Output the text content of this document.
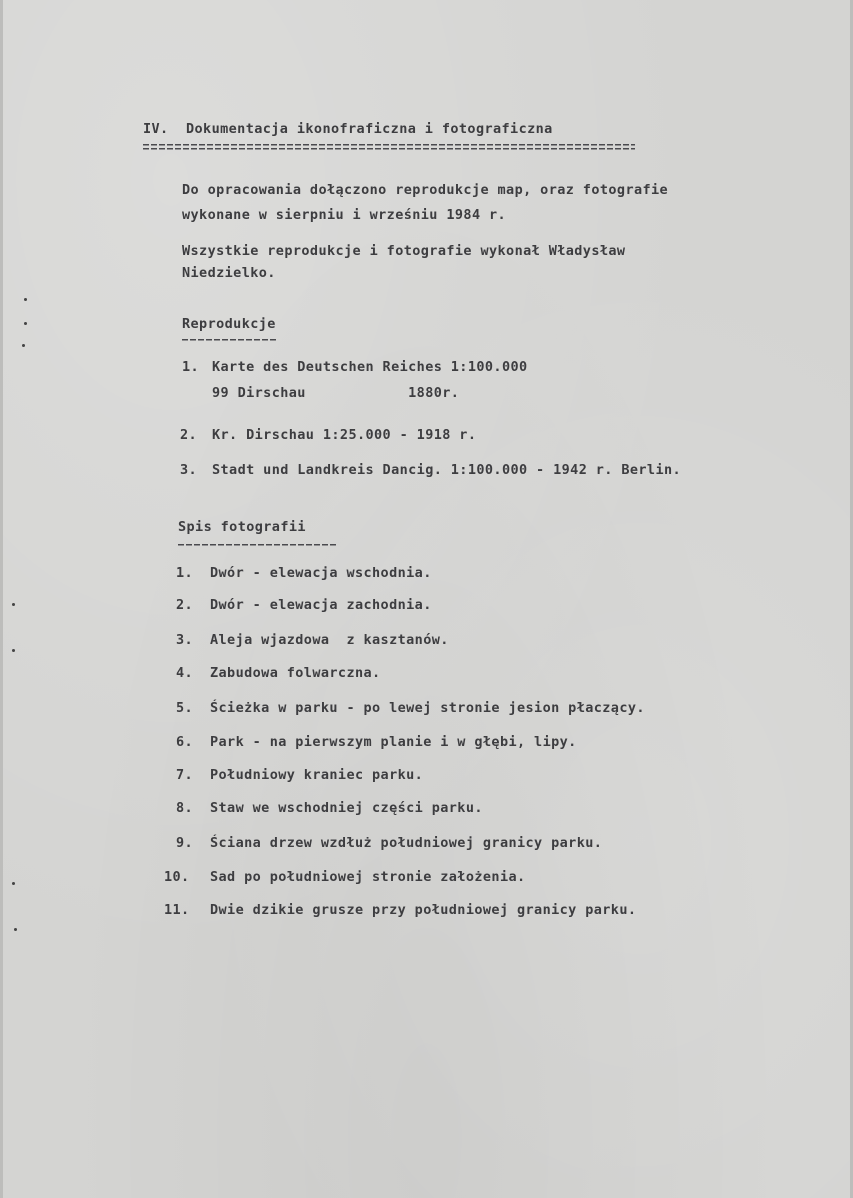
IV. Dokumentacja ikonofraficzna i fotograficzna
Do opracowania dołączono reprodukcje map, oraz fotografie
wykonane w sierpniu i wrześniu 1984 r.
Wszystkie reprodukcje i fotografie wykonał Władysław
Niedzielko.
Reprodukcje
1. Karte des Deutschen Reiches 1:100.000
99 Dirschau            1880r.
2. Kr. Dirschau 1:25.000 - 1918 r.
3. Stadt und Landkreis Dancig. 1:100.000 - 1942 r. Berlin.
Spis fotografii
1. Dwór - elewacja wschodnia.
2. Dwór - elewacja zachodnia.
3. Aleja wjazdowa  z kasztanów.
4. Zabudowa folwarczna.
5. Ścieżka w parku - po lewej stronie jesion płaczący.
6. Park - na pierwszym planie i w głębi, lipy.
7. Południowy kraniec parku.
8. Staw we wschodniej części parku.
9. Ściana drzew wzdłuż południowej granicy parku.
10. Sad po południowej stronie założenia.
11. Dwie dzikie grusze przy południowej granicy parku.
